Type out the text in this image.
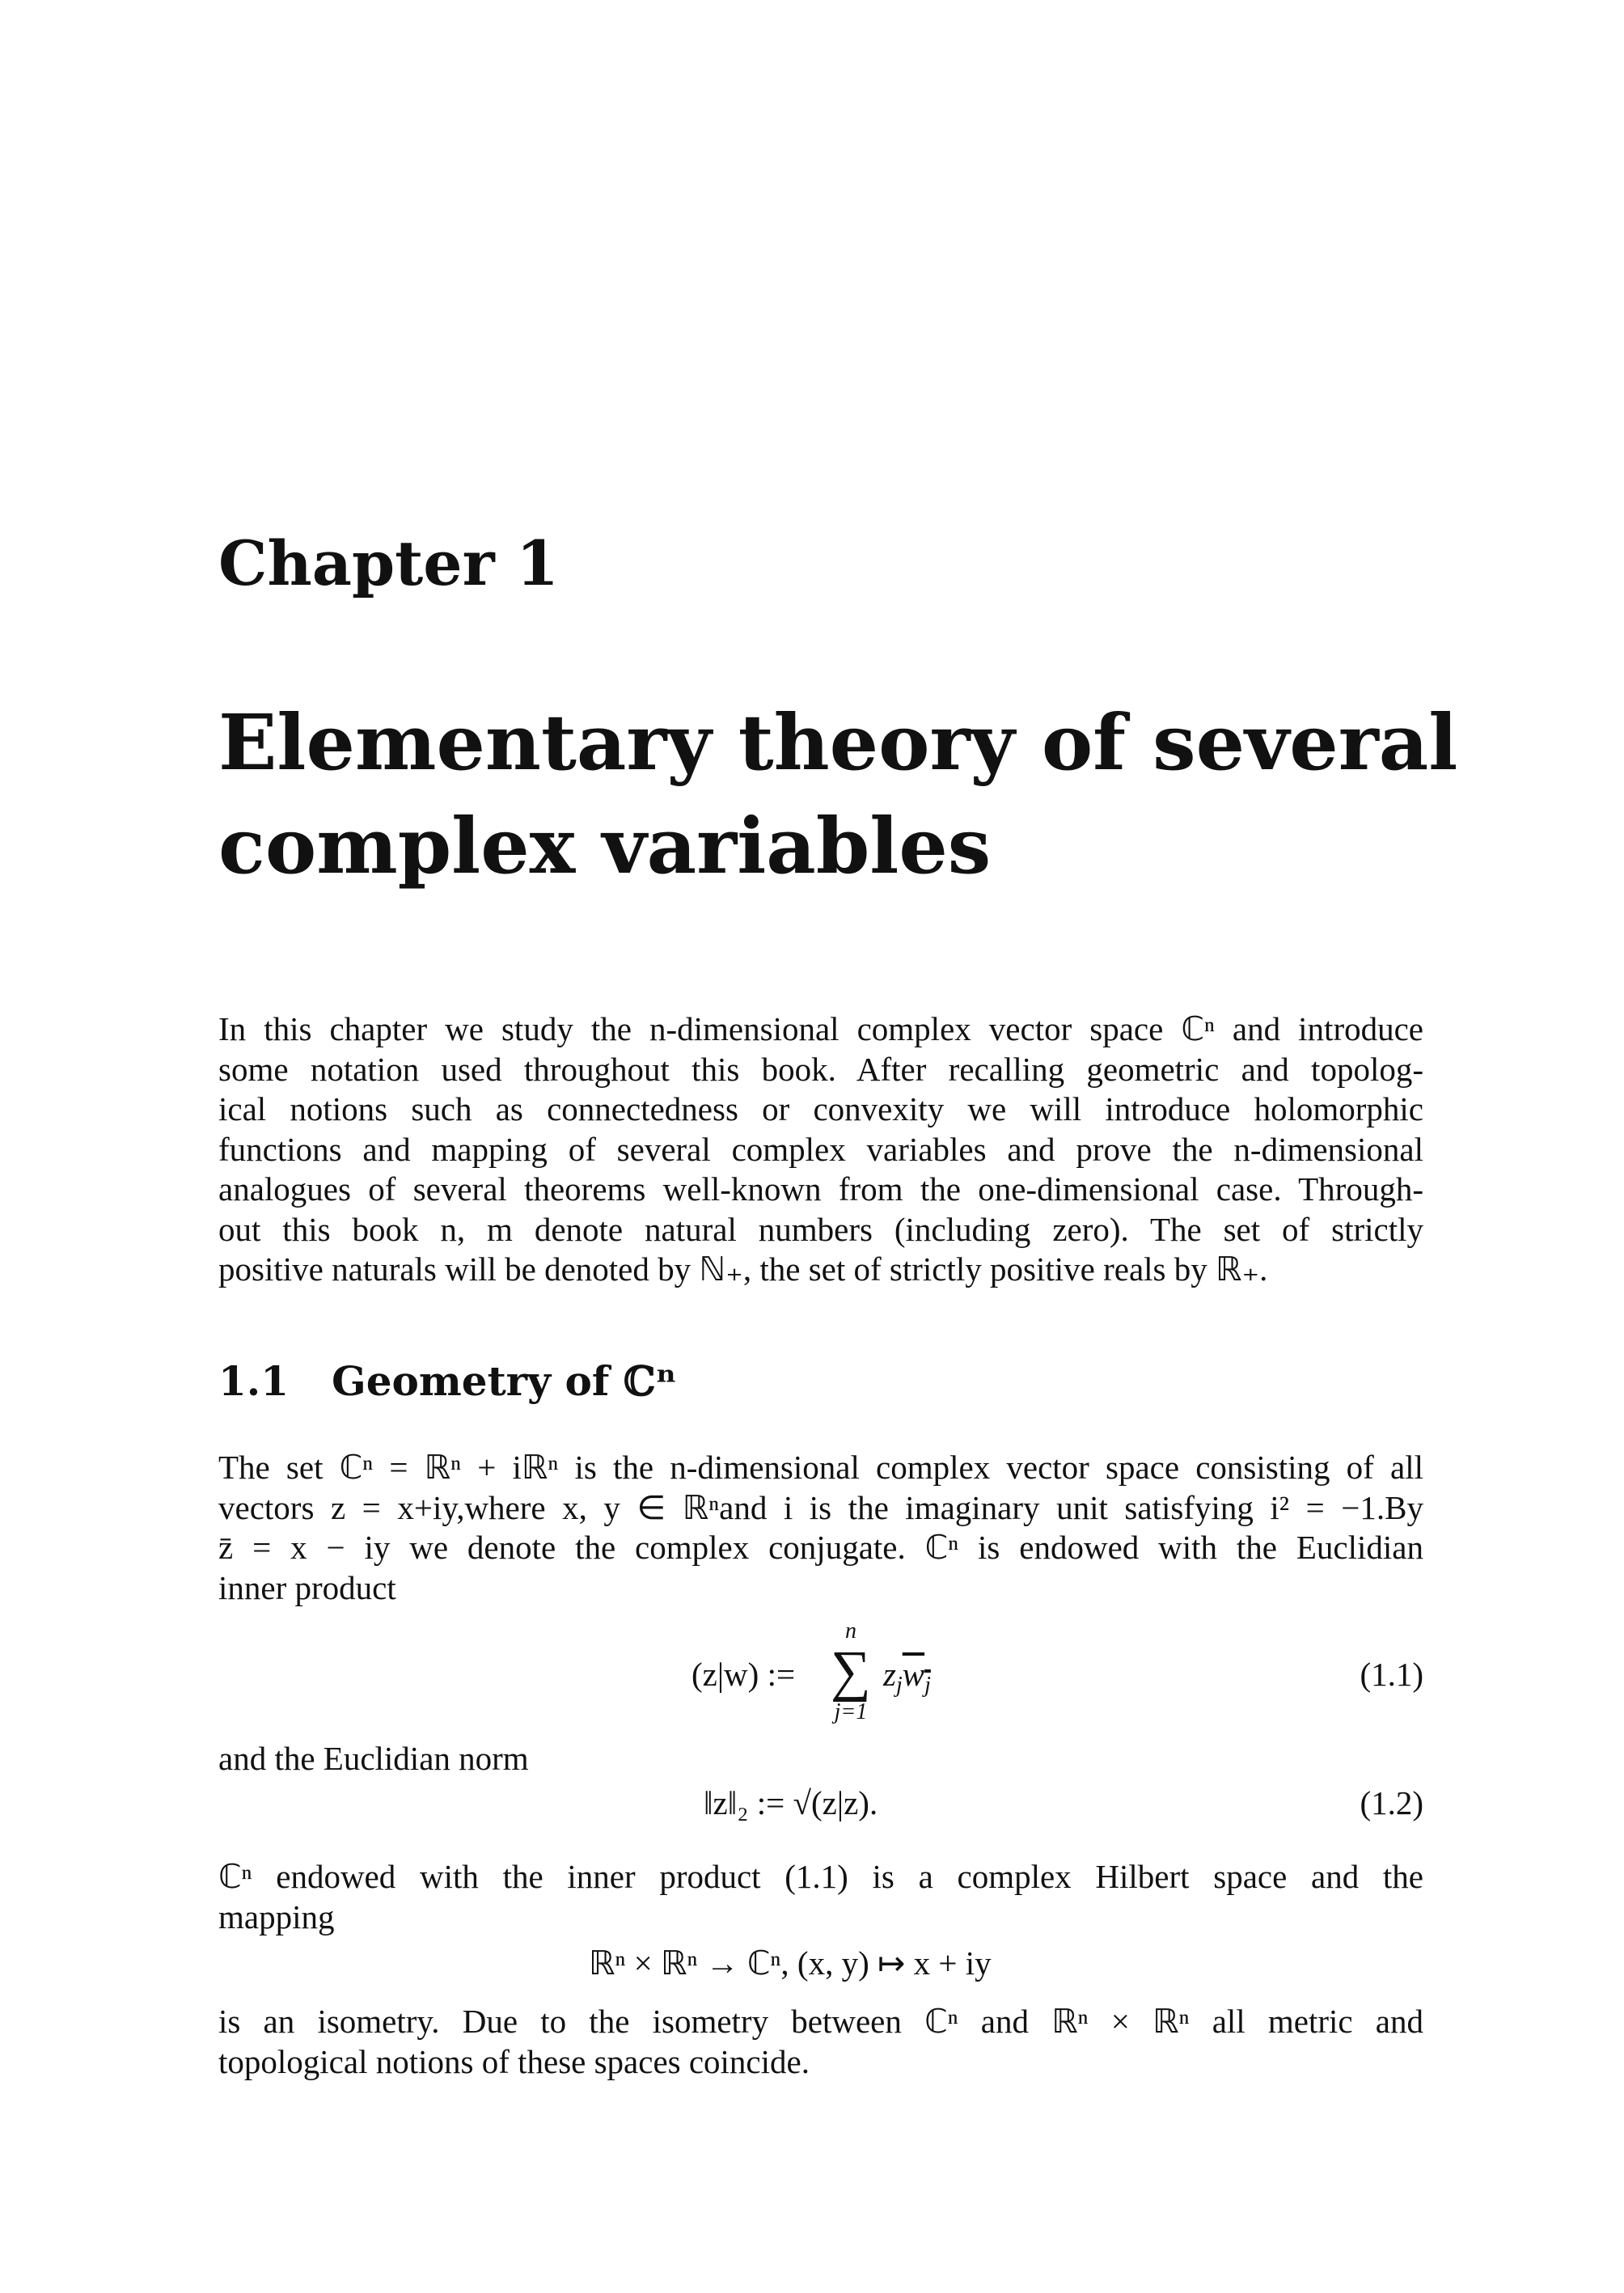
Chapter 1
Elementary theory of several
complex variables
In this chapter we study the n-dimensional complex vector space ℂⁿ and introduce
some notation used throughout this book. After recalling geometric and topolog-
ical notions such as connectedness or convexity we will introduce holomorphic
functions and mapping of several complex variables and prove the n-dimensional
analogues of several theorems well-known from the one-dimensional case. Through-
out this book n, m denote natural numbers (including zero). The set of strictly
positive naturals will be denoted by ℕ₊, the set of strictly positive reals by ℝ₊.
1.1 Geometry of ℂⁿ
The set ℂⁿ = ℝⁿ + iℝⁿ is the n-dimensional complex vector space consisting of all
vectors z = x+iy,where x, y ∈ ℝⁿand i is the imaginary unit satisfying i² = −1.By
z̄ = x − iy we denote the complex conjugate. ℂⁿ is endowed with the Euclidian
inner product
(z|w) :=
n
∑
j=1
$z_jw_j$	(1.1)
and the Euclidian norm
‖z‖₂ := √(z|z).	(1.2)
ℂⁿ endowed with the inner product (1.1) is a complex Hilbert space and the
mapping
ℝⁿ × ℝⁿ → ℂⁿ, (x, y) ↦ x + iy
is an isometry. Due to the isometry between ℂⁿ and ℝⁿ × ℝⁿ all metric and
topological notions of these spaces coincide.
